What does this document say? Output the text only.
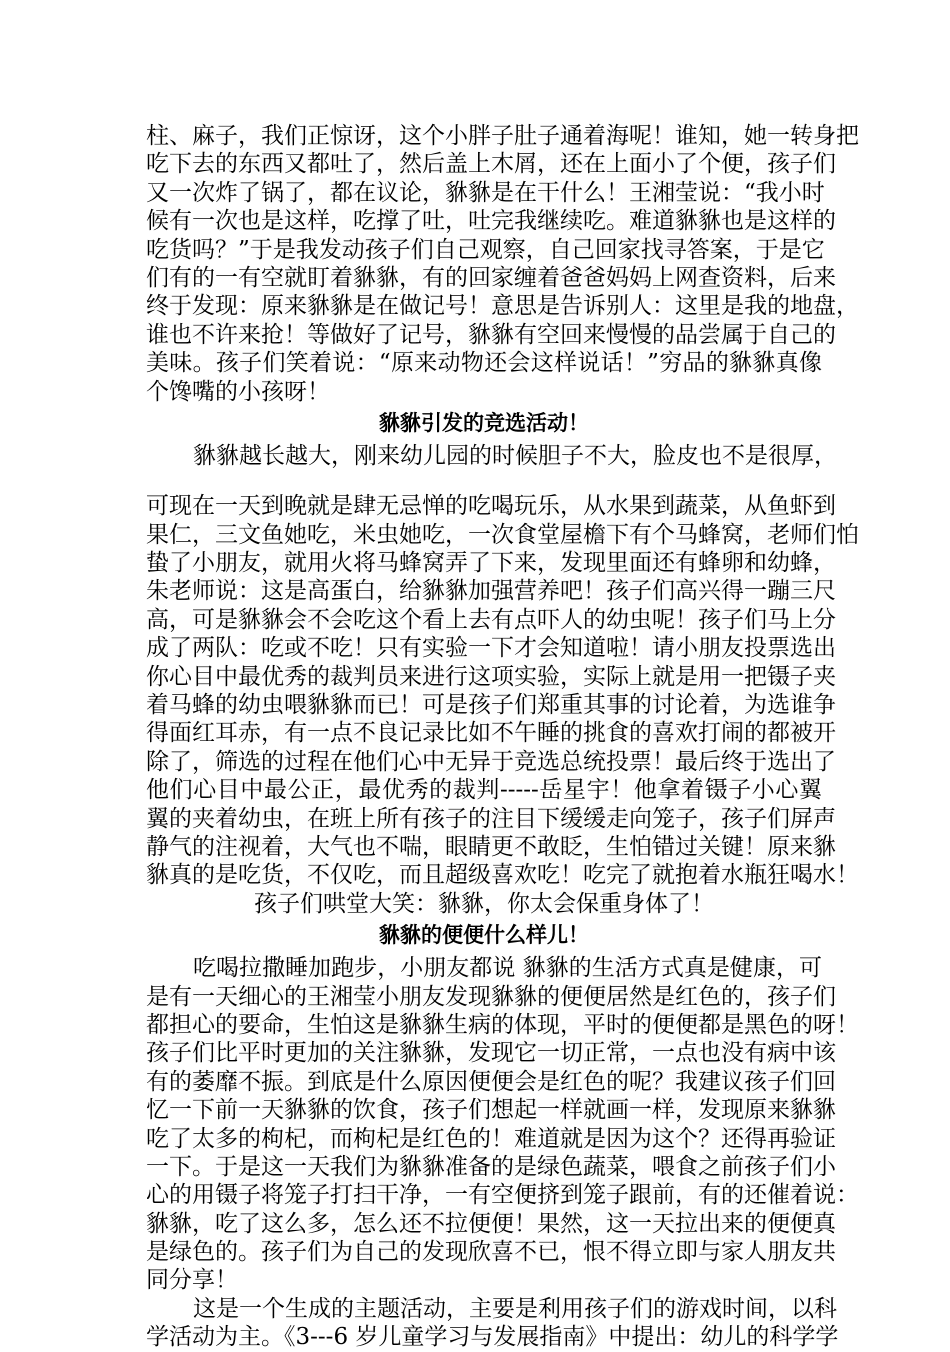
柱、麻子，我们正惊讶，这个小胖子肚子通着海呢！谁知，她一转身把
吃下去的东西又都吐了，然后盖上木屑，还在上面小了个便，孩子们
又一次炸了锅了，都在议论，貅貅是在干什么！王湘莹说：“我小时
候有一次也是这样，吃撑了吐，吐完我继续吃。难道貅貅也是这样的
吃货吗？”于是我发动孩子们自己观察，自己回家找寻答案，于是它
们有的一有空就盯着貅貅，有的回家缠着爸爸妈妈上网查资料，后来
终于发现：原来貅貅是在做记号！意思是告诉别人：这里是我的地盘，
谁也不许来抢！等做好了记号，貅貅有空回来慢慢的品尝属于自己的
美味。孩子们笑着说：“原来动物还会这样说话！”穷品的貅貅真像
个馋嘴的小孩呀！
貅貅引发的竞选活动！
貅貅越长越大，刚来幼儿园的时候胆子不大，脸皮也不是很厚，
可现在一天到晚就是肆无忌惮的吃喝玩乐，从水果到蔬菜，从鱼虾到
果仁，三文鱼她吃，米虫她吃，一次食堂屋檐下有个马蜂窝，老师们怕
蛰了小朋友，就用火将马蜂窝弄了下来，发现里面还有蜂卵和幼蜂，
朱老师说：这是高蛋白，给貅貅加强营养吧！孩子们高兴得一蹦三尺
高，可是貅貅会不会吃这个看上去有点吓人的幼虫呢！孩子们马上分
成了两队：吃或不吃！只有实验一下才会知道啦！请小朋友投票选出
你心目中最优秀的裁判员来进行这项实验，实际上就是用一把镊子夹
着马蜂的幼虫喂貅貅而已！可是孩子们郑重其事的讨论着，为选谁争
得面红耳赤，有一点不良记录比如不午睡的挑食的喜欢打闹的都被开
除了，筛选的过程在他们心中无异于竞选总统投票！最后终于选出了
他们心目中最公正，最优秀的裁判-----岳星宇！他拿着镊子小心翼
翼的夹着幼虫，在班上所有孩子的注目下缓缓走向笼子，孩子们屏声
静气的注视着，大气也不喘，眼睛更不敢眨，生怕错过关键！原来貅
貅真的是吃货，不仅吃，而且超级喜欢吃！吃完了就抱着水瓶狂喝水！
孩子们哄堂大笑：貅貅，你太会保重身体了！
貅貅的便便什么样儿！
吃喝拉撒睡加跑步，小朋友都说 貅貅的生活方式真是健康，可
是有一天细心的王湘莹小朋友发现貅貅的便便居然是红色的，孩子们
都担心的要命，生怕这是貅貅生病的体现，平时的便便都是黑色的呀！
孩子们比平时更加的关注貅貅，发现它一切正常，一点也没有病中该
有的萎靡不振。到底是什么原因便便会是红色的呢？我建议孩子们回
忆一下前一天貅貅的饮食，孩子们想起一样就画一样，发现原来貅貅
吃了太多的枸杞，而枸杞是红色的！难道就是因为这个？还得再验证
一下。于是这一天我们为貅貅准备的是绿色蔬菜，喂食之前孩子们小
心的用镊子将笼子打扫干净，一有空便挤到笼子跟前，有的还催着说：
貅貅，吃了这么多，怎么还不拉便便！果然，这一天拉出来的便便真
是绿色的。孩子们为自己的发现欣喜不已，恨不得立即与家人朋友共
同分享！
这是一个生成的主题活动，主要是利用孩子们的游戏时间，以科
学活动为主。《3---6 岁儿童学习与发展指南》中提出：幼儿的科学学
